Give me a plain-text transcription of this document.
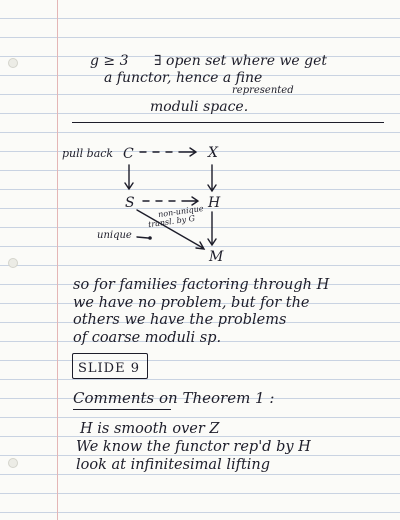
g ≥ 3 ∃ open set where we get
a functor, hence a fine
represented
moduli space.
pull back C	X
S	H
M
non-unique
transl. by G
unique
so for families factoring through H
we have no problem, but for the
others we have the problems
of coarse moduli sp.
SLIDE 9
Comments on Theorem 1 :
H is smooth over Z
We know the functor rep'd by H
look at infinitesimal lifting
